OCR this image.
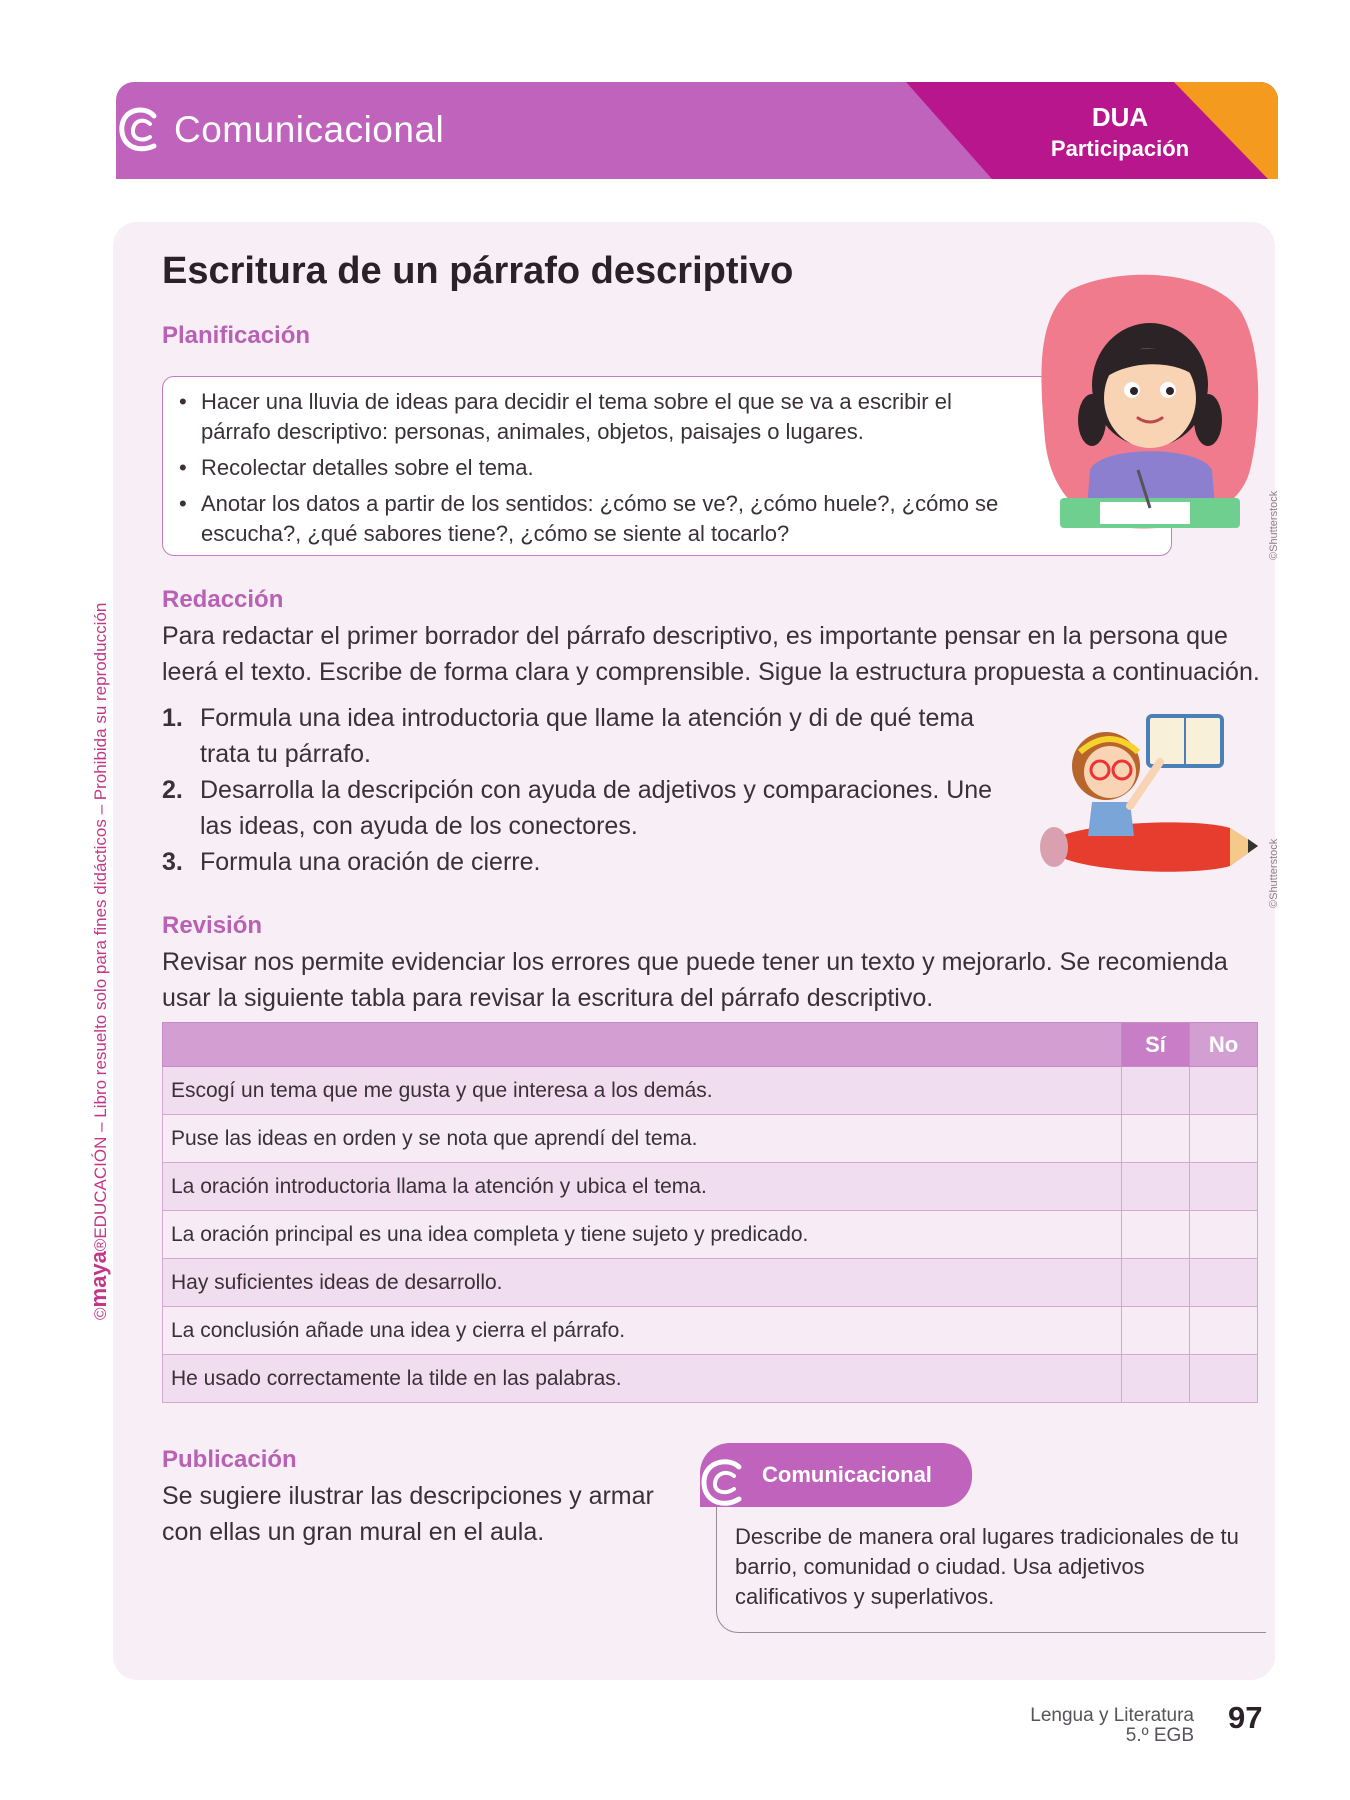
Comunicacional	DUA
Participación
©maya®EDUCACIÓN – Libro resuelto solo para fines didácticos – Prohibida su reproducción
Escritura de un párrafo descriptivo
Planificación
• Hacer una lluvia de ideas para decidir el tema sobre el que se va a escribir el párrafo descriptivo: personas, animales, objetos, paisajes o lugares.
• Recolectar detalles sobre el tema.
• Anotar los datos a partir de los sentidos: ¿cómo se ve?, ¿cómo huele?, ¿cómo se escucha?, ¿qué sabores tiene?, ¿cómo se siente al tocarlo?	©Shutterstock
Redacción
Para redactar el primer borrador del párrafo descriptivo, es importante pensar en la persona que leerá el texto. Escribe de forma clara y comprensible. Sigue la estructura propuesta a continuación.
1. Formula una idea introductoria que llame la atención y di de qué tema trata tu párrafo.
2. Desarrolla la descripción con ayuda de adjetivos y comparaciones. Une las ideas, con ayuda de los conectores.
3. Formula una oración de cierre.	©Shutterstock
Revisión
Revisar nos permite evidenciar los errores que puede tener un texto y mejorarlo. Se recomienda usar la siguiente tabla para revisar la escritura del párrafo descriptivo.
	Sí	No
Escogí un tema que me gusta y que interesa a los demás.		
Puse las ideas en orden y se nota que aprendí del tema.		
La oración introductoria llama la atención y ubica el tema.		
La oración principal es una idea completa y tiene sujeto y predicado.		
Hay suficientes ideas de desarrollo.		
La conclusión añade una idea y cierra el párrafo.		
He usado correctamente la tilde en las palabras.		
Publicación
Se sugiere ilustrar las descripciones y armar con ellas un gran mural en el aula.
Comunicacional
Describe de manera oral lugares tradicionales de tu barrio, comunidad o ciudad. Usa adjetivos calificativos y superlativos.
Lengua y Literatura
5.º EGB
97
